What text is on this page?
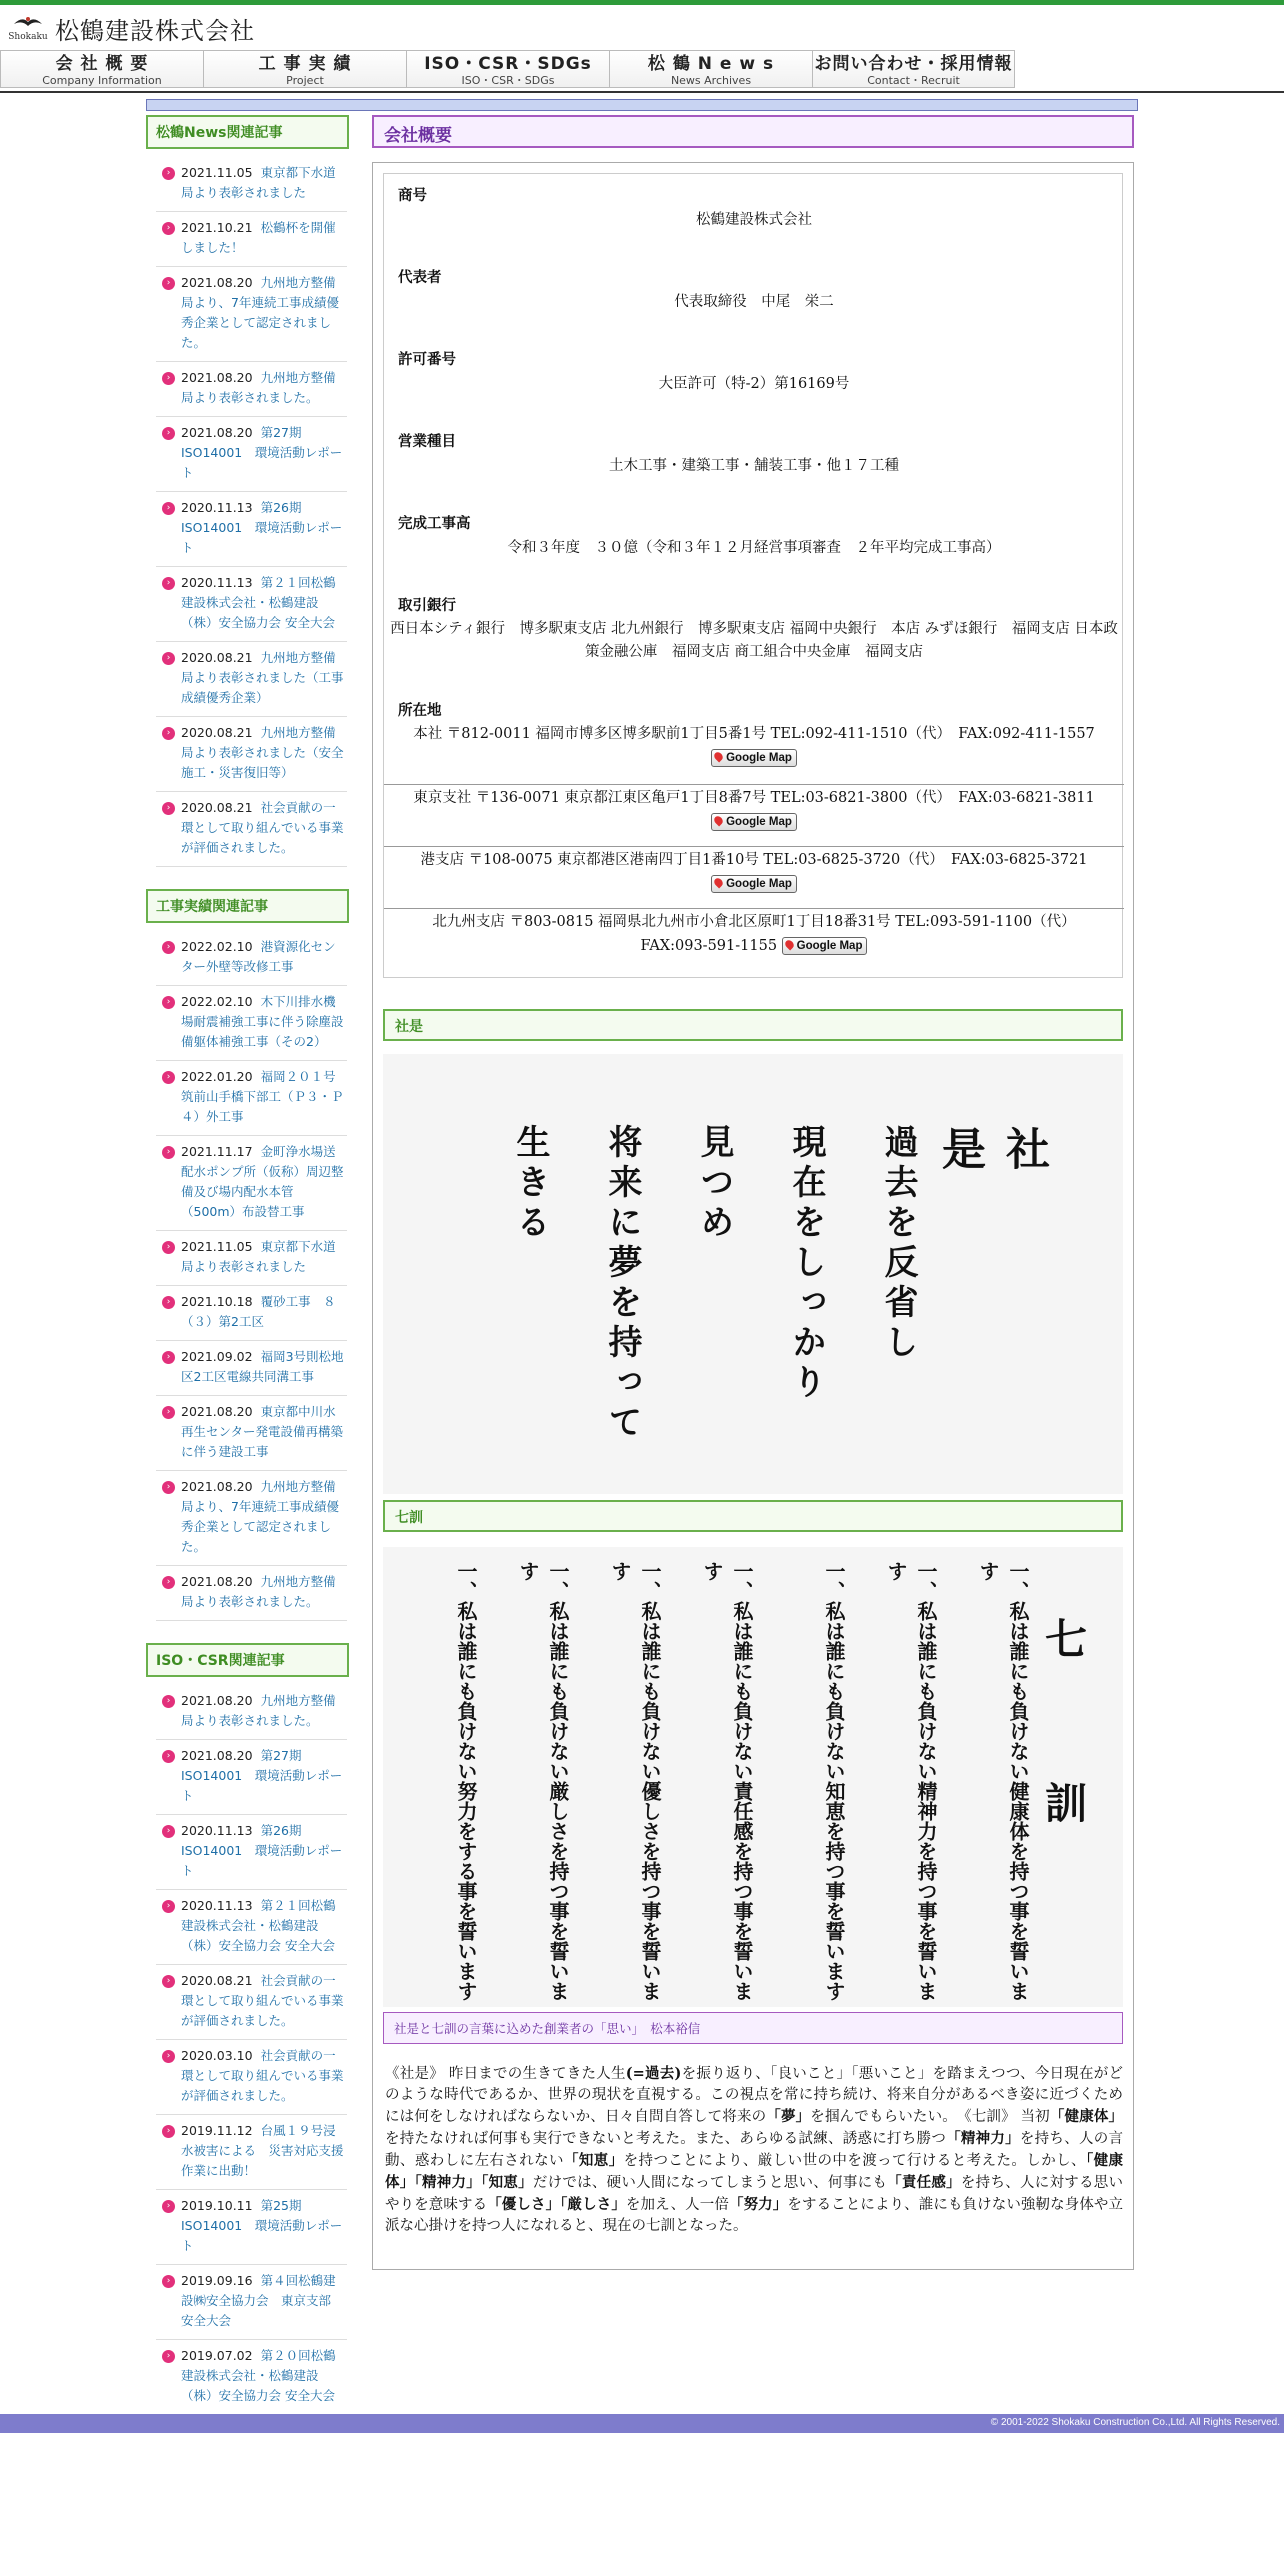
Shokaku 松鶴建設株式会社
会 社 概 要
Company Information
工 事 実 績
Project
ISO・CSR・SDGs
ISO・CSR・SDGs
松 鶴 N e w s
News Archives
お問い合わせ・採用情報
Contact・Recruit
松鶴News関連記事
› 2021.11.05 東京都下水道局より表彰されました
› 2021.10.21 松鶴杯を開催しました！
› 2021.08.20 九州地方整備局より、7年連続工事成績優秀企業として認定されました。
› 2021.08.20 九州地方整備局より表彰されました。
› 2021.08.20 第27期ISO14001　環境活動レポート
› 2020.11.13 第26期ISO14001　環境活動レポート
› 2020.11.13 第２１回松鶴建設株式会社・松鶴建設（株）安全協力会 安全大会
› 2020.08.21 九州地方整備局より表彰されました（工事成績優秀企業）
› 2020.08.21 九州地方整備局より表彰されました（安全施工・災害復旧等）
› 2020.08.21 社会貢献の一環として取り組んでいる事業が評価されました。
工事実績関連記事
› 2022.02.10 港資源化センター外壁等改修工事
› 2022.02.10 木下川排水機場耐震補強工事に伴う除塵設備躯体補強工事（その2）
› 2022.01.20 福岡２０１号筑前山手橋下部工（Ｐ３・Ｐ４）外工事
› 2021.11.17 金町浄水場送配水ポンプ所（仮称）周辺整備及び場内配水本管（500m）布設替工事
› 2021.11.05 東京都下水道局より表彰されました
› 2021.10.18 覆砂工事　８（３）第2工区
› 2021.09.02 福岡3号則松地区2工区電線共同溝工事
› 2021.08.20 東京都中川水再生センター発電設備再構築に伴う建設工事
› 2021.08.20 九州地方整備局より、7年連続工事成績優秀企業として認定されました。
› 2021.08.20 九州地方整備局より表彰されました。
ISO・CSR関連記事
› 2021.08.20 九州地方整備局より表彰されました。
› 2021.08.20 第27期ISO14001　環境活動レポート
› 2020.11.13 第26期ISO14001　環境活動レポート
› 2020.11.13 第２１回松鶴建設株式会社・松鶴建設（株）安全協力会 安全大会
› 2020.08.21 社会貢献の一環として取り組んでいる事業が評価されました。
› 2020.03.10 社会貢献の一環として取り組んでいる事業が評価されました。
› 2019.11.12 台風１９号浸水被害による　災害対応支援作業に出動！
› 2019.10.11 第25期ISO14001　環境活動レポート
› 2019.09.16 第４回松鶴建設㈱安全協力会　東京支部 安全大会
› 2019.07.02 第２０回松鶴建設株式会社・松鶴建設（株）安全協力会 安全大会
会社概要
商号
松鶴建設株式会社
代表者
代表取締役　中尾　栄二
許可番号
大臣許可（特-2）第16169号
営業種目
土木工事・建築工事・舗装工事・他１７工種
完成工事高
令和３年度　３０億（令和３年１２月経営事項審査　２年平均完成工事高）
取引銀行
西日本シティ銀行　博多駅東支店 北九州銀行　博多駅東支店 福岡中央銀行　本店 みずほ銀行　福岡支店 日本政策金融公庫　福岡支店 商工組合中央金庫　福岡支店
所在地
本社 〒812-0011 福岡市博多区博多駅前1丁目5番1号 TEL:092-411-1510（代）　FAX:092-411-1557
Google Map
東京支社 〒136-0071 東京都江東区亀戸1丁目8番7号 TEL:03-6821-3800（代）　FAX:03-6821-3811
Google Map
港支店 〒108-0075 東京都港区港南四丁目1番10号 TEL:03-6825-3720（代）　FAX:03-6825-3721
Google Map
北九州支店 〒803-0815 福岡県北九州市小倉北区原町1丁目18番31号 TEL:093-591-1100（代） FAX:093-591-1155 Google Map
社是
社　是
過去を反省し
現在をしっかり
見つめ
将来に夢を持って
生きる
七訓
七　訓
一、私は誰にも負けない健康体を持つ事を誓います
一、私は誰にも負けない精神力を持つ事を誓います
一、私は誰にも負けない知恵を持つ事を誓います
一、私は誰にも負けない責任感を持つ事を誓います
一、私は誰にも負けない優しさを持つ事を誓います
一、私は誰にも負けない厳しさを持つ事を誓います
一、私は誰にも負けない努力をする事を誓います
社是と七訓の言葉に込めた創業者の「思い」　松本裕信
《社是》 昨日までの生きてきた人生(=過去)を振り返り、「良いこと」「悪いこと」を踏まえつつ、今日現在がどのような時代であるか、世界の現状を直視する。この視点を常に持ち続け、将来自分があるべき姿に近づくためには何をしなければならないか、日々自問自答して将来の「夢」を掴んでもらいたい。　《七訓》 当初「健康体」を持たなければ何事も実行できないと考えた。また、あらゆる試練、誘惑に打ち勝つ「精神力」を持ち、人の言動、惑わしに左右されない「知恵」を持つことにより、厳しい世の中を渡って行けると考えた。しかし、「健康体」「精神力」「知恵」だけでは、硬い人間になってしまうと思い、何事にも「責任感」を持ち、人に対する思いやりを意味する「優しさ」「厳しさ」を加え、人一倍「努力」をすることにより、誰にも負けない強靭な身体や立派な心掛けを持つ人になれると、現在の七訓となった。
© 2001-2022 Shokaku Construction Co.,Ltd. All Rights Reserved.
